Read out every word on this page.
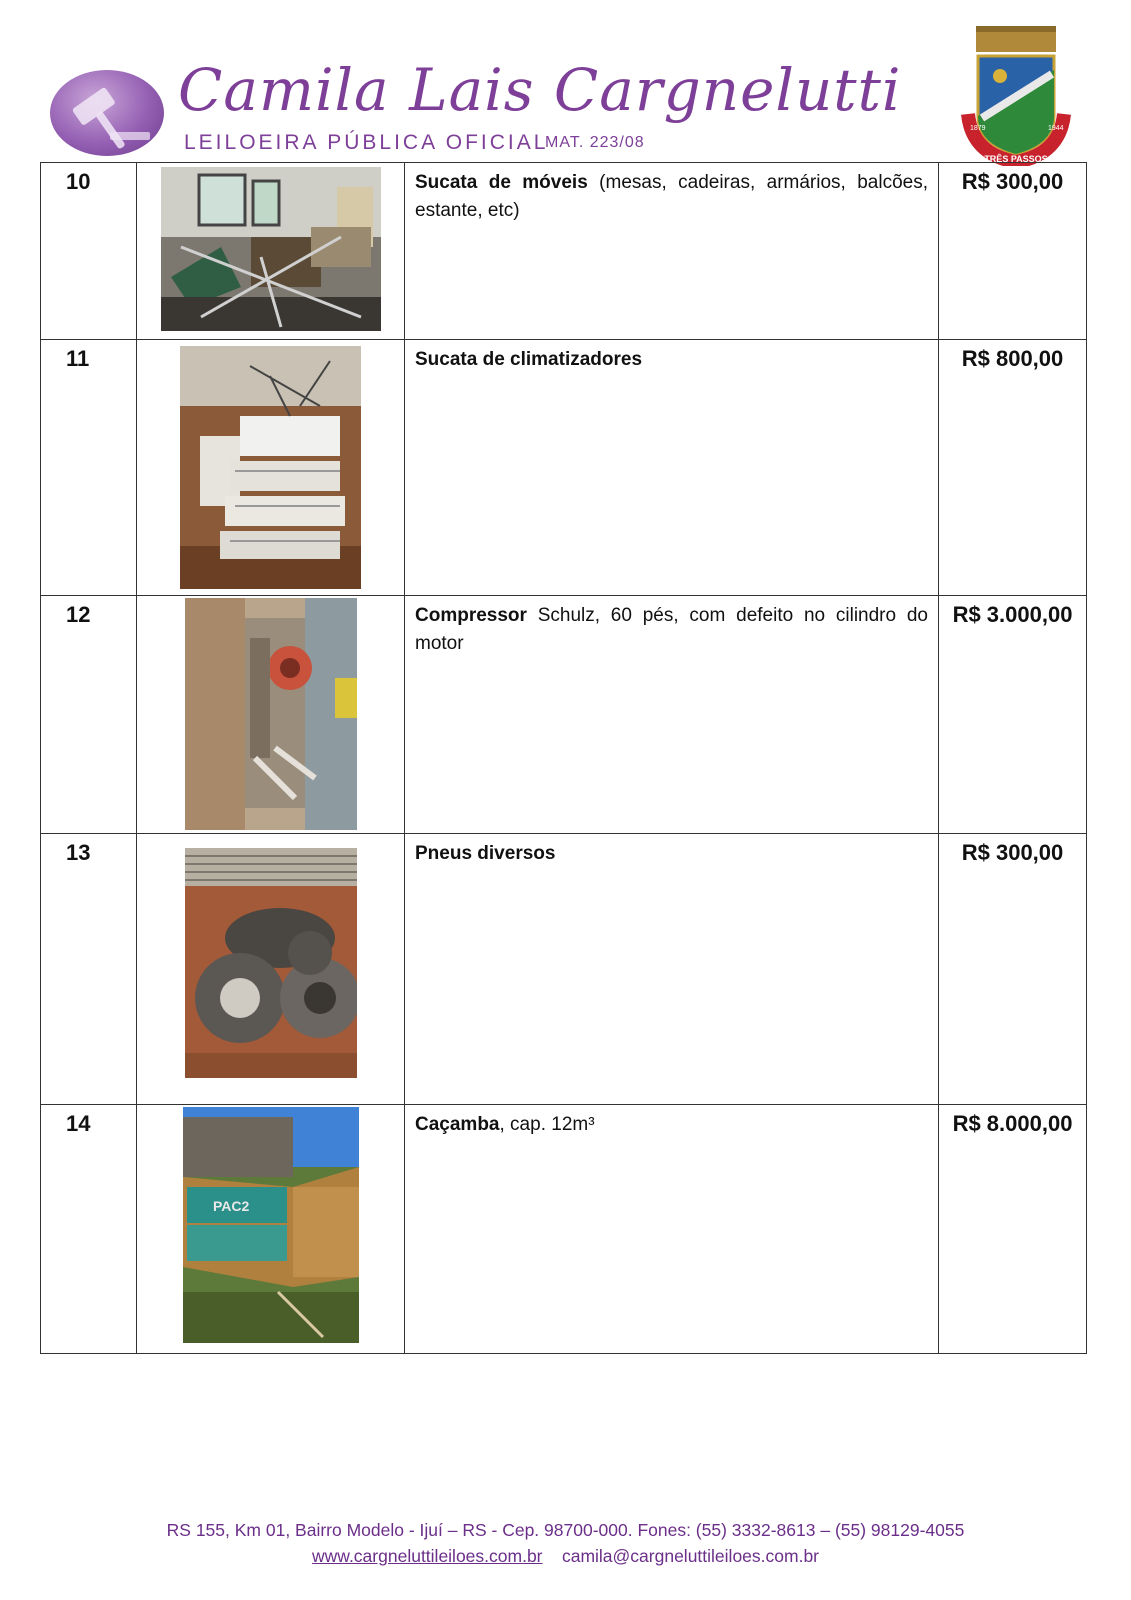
Camila Lais Cargnelutti
LEILOEIRA PÚBLICA OFICIAL
MAT. 223/08
TRÊS PASSOS
1879	1944
10		Sucata de móveis (mesas, cadeiras, armários, balcões, estante, etc)	R$ 300,00
11		Sucata de climatizadores	R$ 800,00
12		Compressor Schulz, 60 pés, com defeito no cilindro do motor	R$ 3.000,00
13		Pneus diversos	R$ 300,00
14	PAC2	Caçamba, cap. 12m³	R$ 8.000,00
RS 155, Km 01, Bairro Modelo - Ijuí – RS - Cep. 98700-000. Fones: (55) 3332-8613 – (55) 98129-4055
www.cargneluttileiloes.com.br camila@cargneluttileiloes.com.br
